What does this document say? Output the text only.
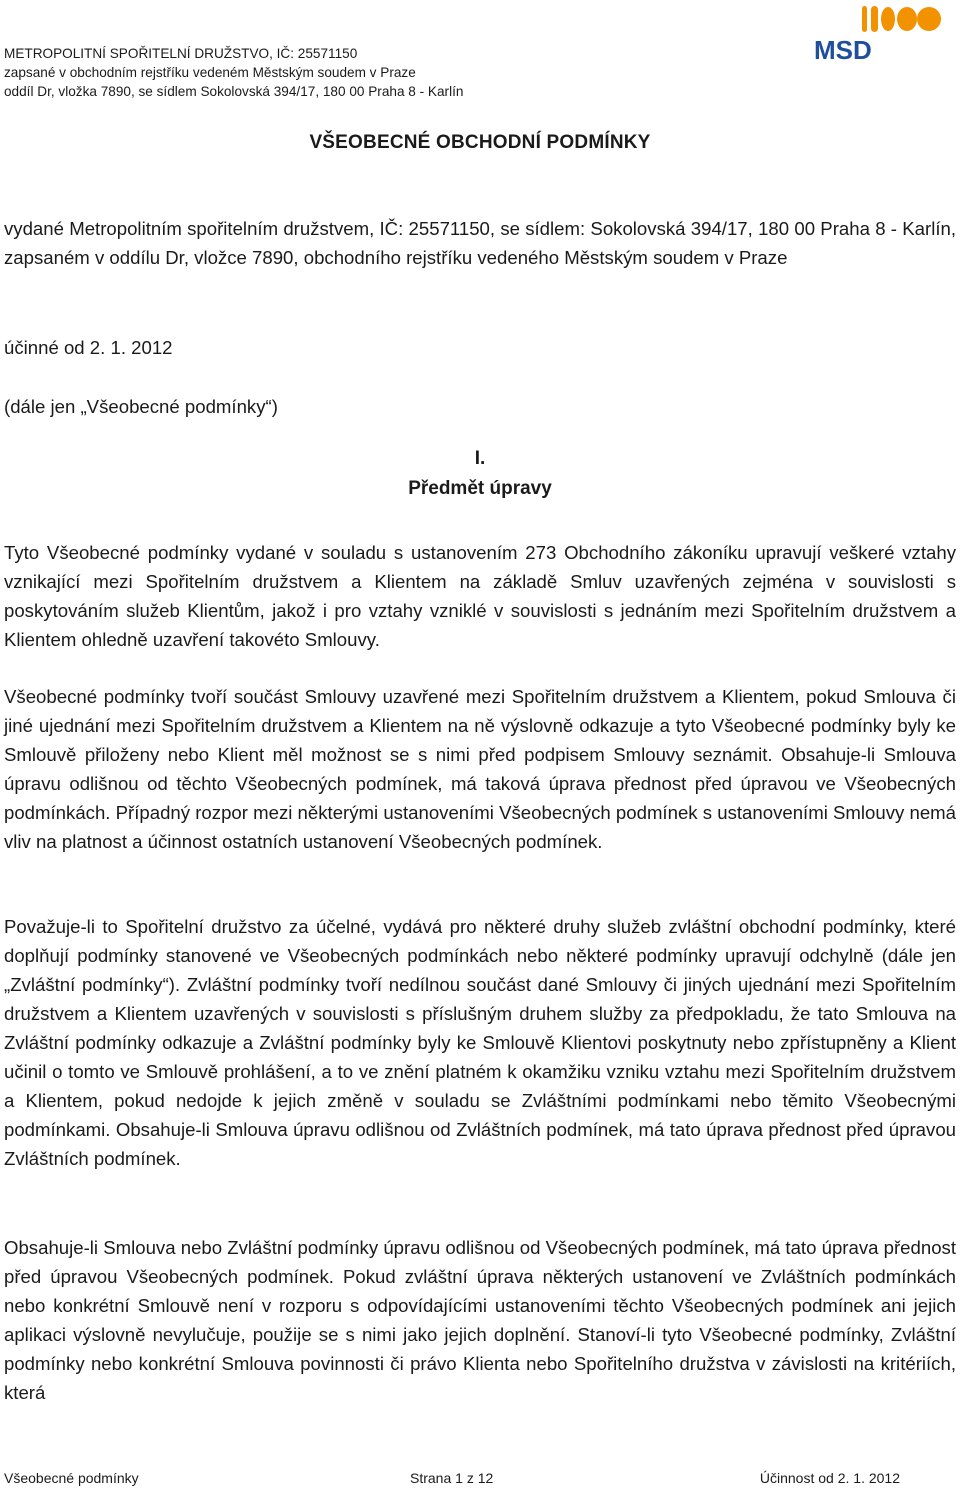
METROPOLITNÍ SPOŘITELNÍ DRUŽSTVO, IČ: 25571150
zapsané v obchodním rejstříku vedeném Městským soudem v Praze
oddíl Dr, vložka 7890, se sídlem Sokolovská 394/17, 180 00 Praha 8 - Karlín
MSD
VŠEOBECNÉ OBCHODNÍ PODMÍNKY

vydané Metropolitním spořitelním družstvem, IČ: 25571150, se sídlem: Sokolovská 394/17, 180 00 Praha 8 - Karlín, zapsaném v oddílu Dr, vložce 7890, obchodního rejstříku vedeného Městským soudem v Praze

účinné od 2. 1. 2012

(dále jen „Všeobecné podmínky“)

I.
Předmět úpravy

Tyto Všeobecné podmínky vydané v souladu s ustanovením 273 Obchodního zákoníku upravují veškeré vztahy vznikající mezi Spořitelním družstvem a Klientem na základě Smluv uzavřených zejména v souvislosti s poskytováním služeb Klientům, jakož i pro vztahy vzniklé v souvislosti s jednáním mezi Spořitelním družstvem a Klientem ohledně uzavření takovéto Smlouvy.

Všeobecné podmínky tvoří součást Smlouvy uzavřené mezi Spořitelním družstvem a Klientem, pokud Smlouva či jiné ujednání mezi Spořitelním družstvem a Klientem na ně výslovně odkazuje a tyto Všeobecné podmínky byly ke Smlouvě přiloženy nebo Klient měl možnost se s nimi před podpisem Smlouvy seznámit. Obsahuje-li Smlouva úpravu odlišnou od těchto Všeobecných podmínek, má taková úprava přednost před úpravou ve Všeobecných podmínkách. Případný rozpor mezi některými ustanoveními Všeobecných podmínek s ustanoveními Smlouvy nemá vliv na platnost a účinnost ostatních ustanovení Všeobecných podmínek.

Považuje-li to Spořitelní družstvo za účelné, vydává pro některé druhy služeb zvláštní obchodní podmínky, které doplňují podmínky stanovené ve Všeobecných podmínkách nebo některé podmínky upravují odchylně (dále jen „Zvláštní podmínky“). Zvláštní podmínky tvoří nedílnou součást dané Smlouvy či jiných ujednání mezi Spořitelním družstvem a Klientem uzavřených v souvislosti s příslušným druhem služby za předpokladu, že tato Smlouva na Zvláštní podmínky odkazuje a Zvláštní podmínky byly ke Smlouvě Klientovi poskytnuty nebo zpřístupněny a Klient učinil o tomto ve Smlouvě prohlášení, a to ve znění platném k okamžiku vzniku vztahu mezi Spořitelním družstvem a Klientem, pokud nedojde k jejich změně v souladu se Zvláštními podmínkami nebo těmito Všeobecnými podmínkami. Obsahuje-li Smlouva úpravu odlišnou od Zvláštních podmínek, má tato úprava přednost před úpravou Zvláštních podmínek.

Obsahuje-li Smlouva nebo Zvláštní podmínky úpravu odlišnou od Všeobecných podmínek, má tato úprava přednost před úpravou Všeobecných podmínek. Pokud zvláštní úprava některých ustanovení ve Zvláštních podmínkách nebo konkrétní Smlouvě není v rozporu s odpovídajícími ustanoveními těchto Všeobecných podmínek ani jejich aplikaci výslovně nevylučuje, použije se s nimi jako jejich doplnění. Stanoví-li tyto Všeobecné podmínky, Zvláštní podmínky nebo konkrétní Smlouva povinnosti či právo Klienta nebo Spořitelního družstva v závislosti na kritériích, která

Všeobecné podmínky	Strana 1 z 12	Účinnost od 2. 1. 2012
